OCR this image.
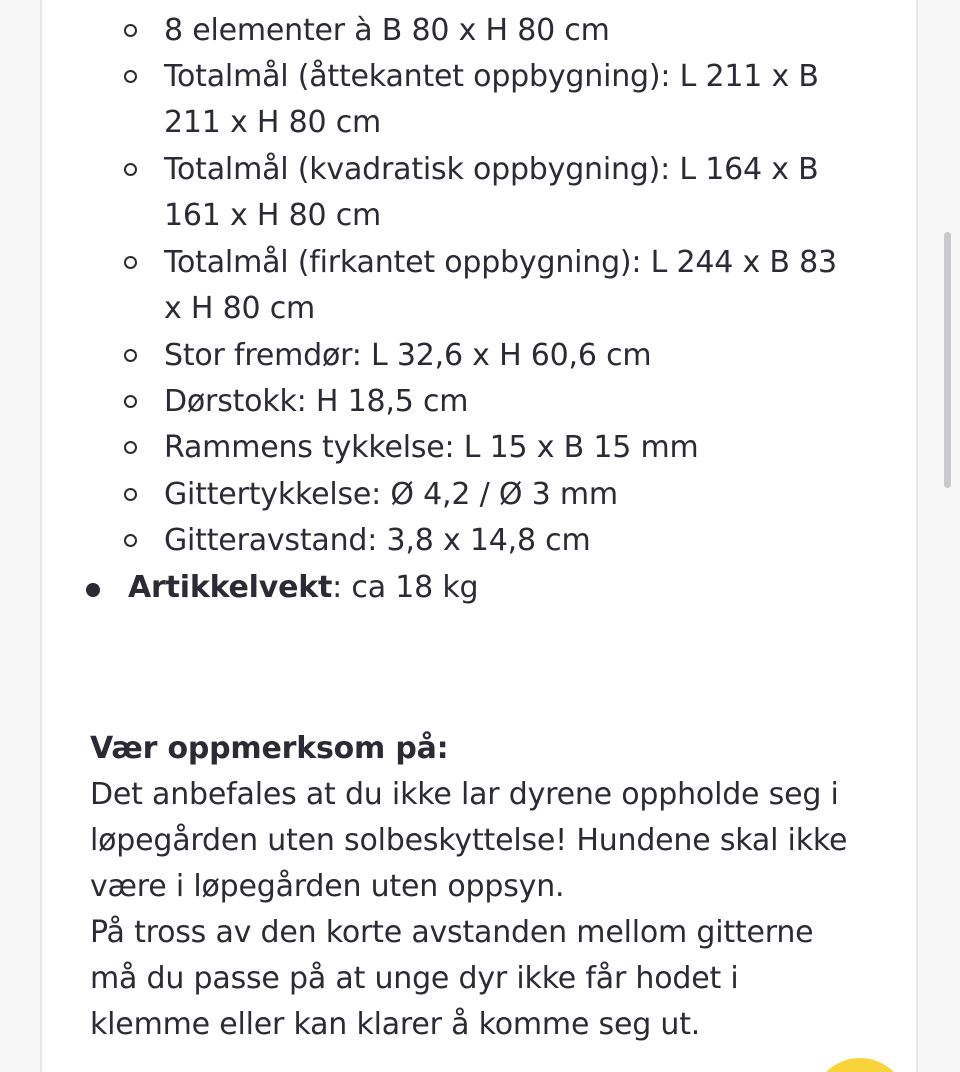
8 elementer à B 80 x H 80 cm
Totalmål (åttekantet oppbygning): L 211 x B
211 x H 80 cm
Totalmål (kvadratisk oppbygning): L 164 x B
161 x H 80 cm
Totalmål (firkantet oppbygning): L 244 x B 83
x H 80 cm
Stor fremdør: L 32,6 x H 60,6 cm
Dørstokk: H 18,5 cm
Rammens tykkelse: L 15 x B 15 mm
Gittertykkelse: Ø 4,2 / Ø 3 mm
Gitteravstand: 3,8 x 14,8 cm
Artikkelvekt: ca 18 kg
Vær oppmerksom på:
Det anbefales at du ikke lar dyrene oppholde seg i
løpegården uten solbeskyttelse! Hundene skal ikke
være i løpegården uten oppsyn.
På tross av den korte avstanden mellom gitterne
må du passe på at unge dyr ikke får hodet i
klemme eller kan klarer å komme seg ut.
